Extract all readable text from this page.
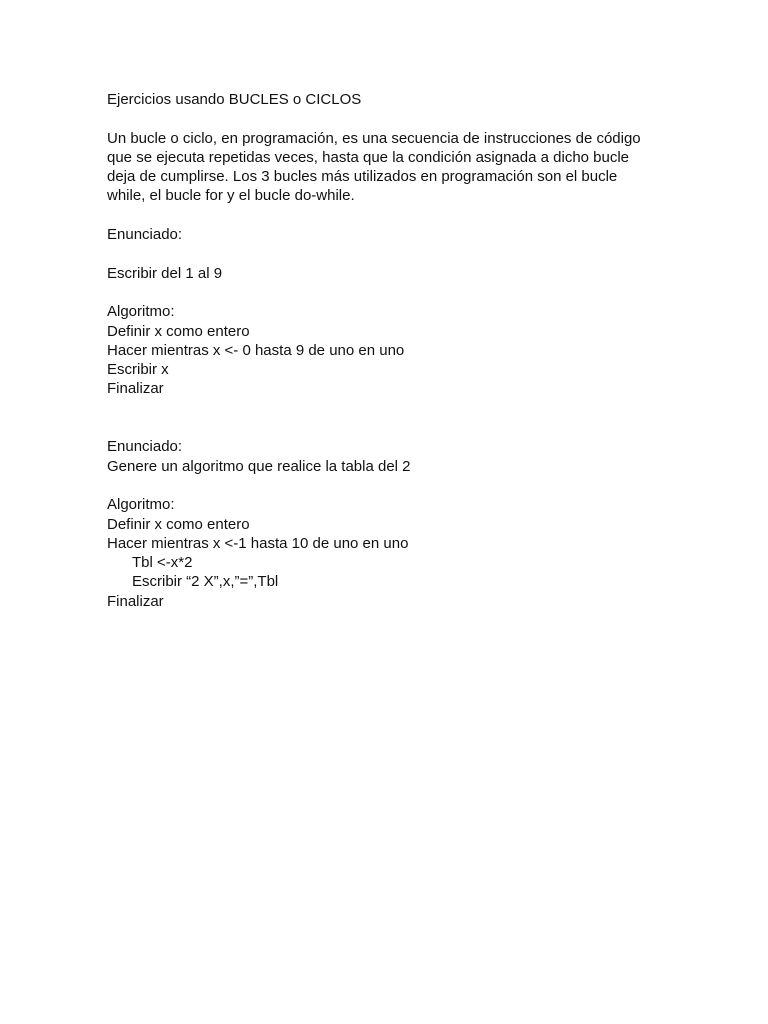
Ejercicios usando BUCLES o CICLOS
Un bucle o ciclo, en programación, es una secuencia de instrucciones de código
que se ejecuta repetidas veces, hasta que la condición asignada a dicho bucle
deja de cumplirse. Los 3 bucles más utilizados en programación son el bucle
while, el bucle for y el bucle do-while.
Enunciado:
Escribir del 1 al 9
Algoritmo:
Definir x como entero
Hacer mientras x <- 0 hasta 9 de uno en uno
Escribir x
Finalizar
Enunciado:
Genere un algoritmo que realice la tabla del 2
Algoritmo:
Definir x como entero
Hacer mientras x <-1 hasta 10 de uno en uno
Tbl <-x*2
Escribir “2 X”,x,”=”,Tbl
Finalizar
